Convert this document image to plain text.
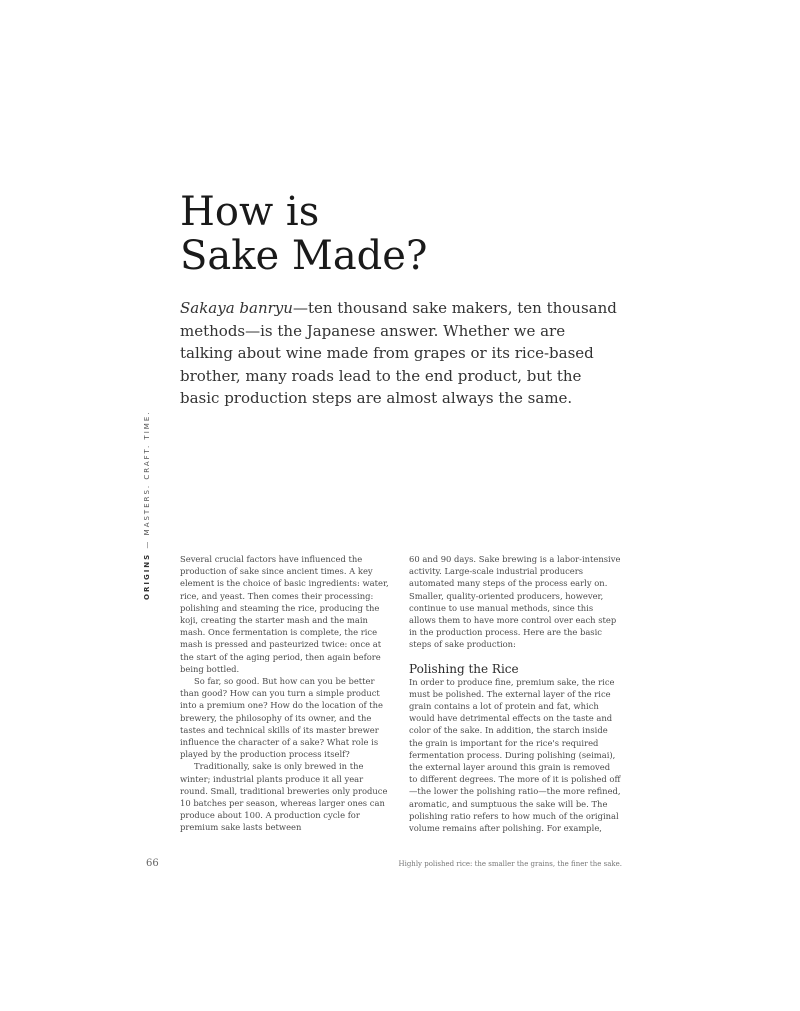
How is
Sake Made?
Sakaya banryu—ten thousand sake makers, ten thousand methods—is the Japanese answer. Whether we are talking about wine made from grapes or its rice-based brother, many roads lead to the end product, but the basic production steps are almost always the same.
ORIGINS — MASTERS. CRAFT. TIME.

Several crucial factors have influenced the production of sake since ancient times. A key element is the choice of basic ingredients: water, rice, and yeast. Then comes their processing: polishing and steaming the rice, producing the koji, creating the starter mash and the main mash. Once fermentation is complete, the rice mash is pressed and pasteurized twice: once at the start of the aging period, then again before being bottled.

So far, so good. But how can you be better than good? How can you turn a simple product into a premium one? How do the location of the brewery, the philosophy of its owner, and the tastes and technical skills of its master brewer influence the character of a sake? What role is played by the production process itself?

Traditionally, sake is only brewed in the winter; industrial plants produce it all year round. Small, traditional breweries only produce 10 batches per season, whereas larger ones can produce about 100. A production cycle for premium sake lasts between

60 and 90 days. Sake brewing is a labor-intensive activity. Large-scale industrial producers automated many steps of the process early on. Smaller, quality-oriented producers, however, continue to use manual methods, since this allows them to have more control over each step in the production process. Here are the basic steps of sake production:

Polishing the Rice

In order to produce fine, premium sake, the rice must be polished. The external layer of the rice grain contains a lot of protein and fat, which would have detrimental effects on the taste and color of the sake. In addition, the starch inside the grain is important for the rice's required fermentation process. During polishing (seimai), the external layer around this grain is removed to different degrees. The more of it is polished off—the lower the polishing ratio—the more refined, aromatic, and sumptuous the sake will be. The polishing ratio refers to how much of the original volume remains after polishing. For example,

66	Highly polished rice: the smaller the grains, the finer the sake.
